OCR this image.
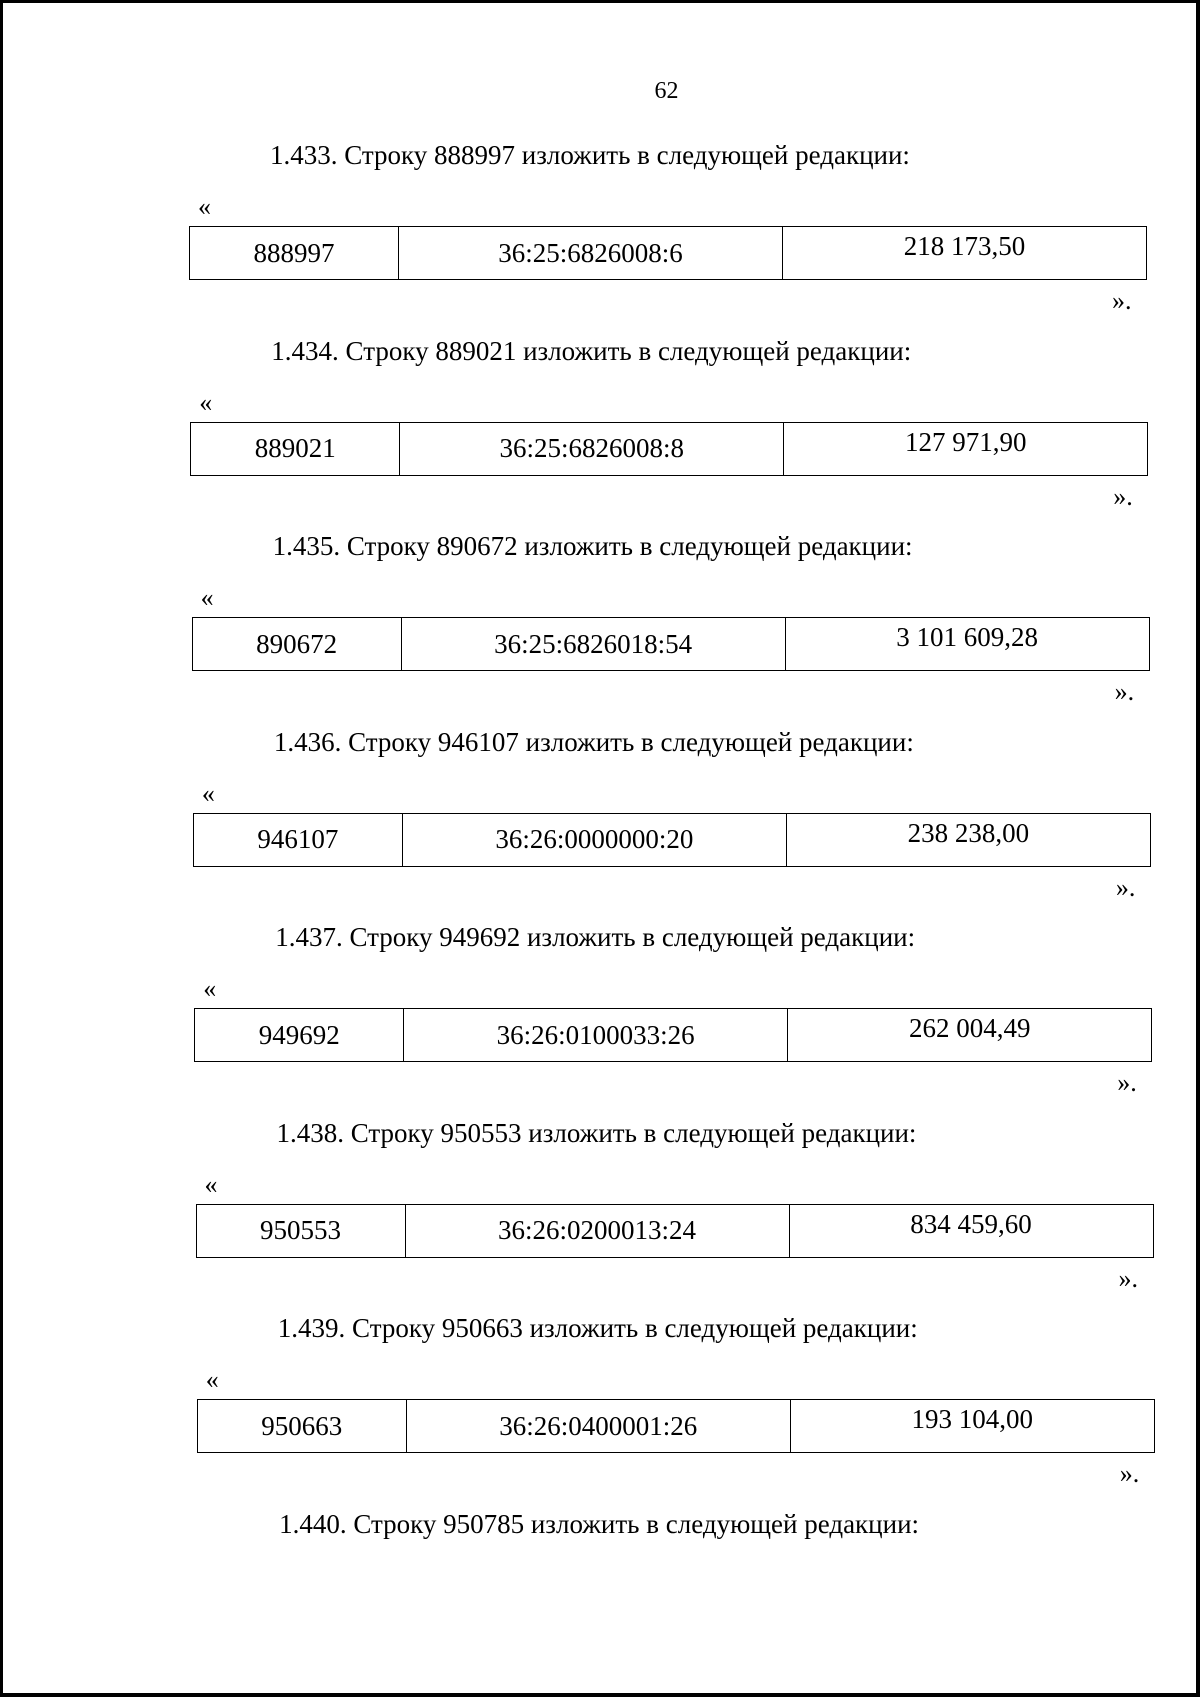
62
1.433. Строку 888997 изложить в следующей редакции:
«
888997	36:25:6826008:6	218 173,50
».
1.434. Строку 889021 изложить в следующей редакции:
«
889021	36:25:6826008:8	127 971,90
».
1.435. Строку 890672 изложить в следующей редакции:
«
890672	36:25:6826018:54	3 101 609,28
».
1.436. Строку 946107 изложить в следующей редакции:
«
946107	36:26:0000000:20	238 238,00
».
1.437. Строку 949692 изложить в следующей редакции:
«
949692	36:26:0100033:26	262 004,49
».
1.438. Строку 950553 изложить в следующей редакции:
«
950553	36:26:0200013:24	834 459,60
».
1.439. Строку 950663 изложить в следующей редакции:
«
950663	36:26:0400001:26	193 104,00
».
1.440. Строку 950785 изложить в следующей редакции:
